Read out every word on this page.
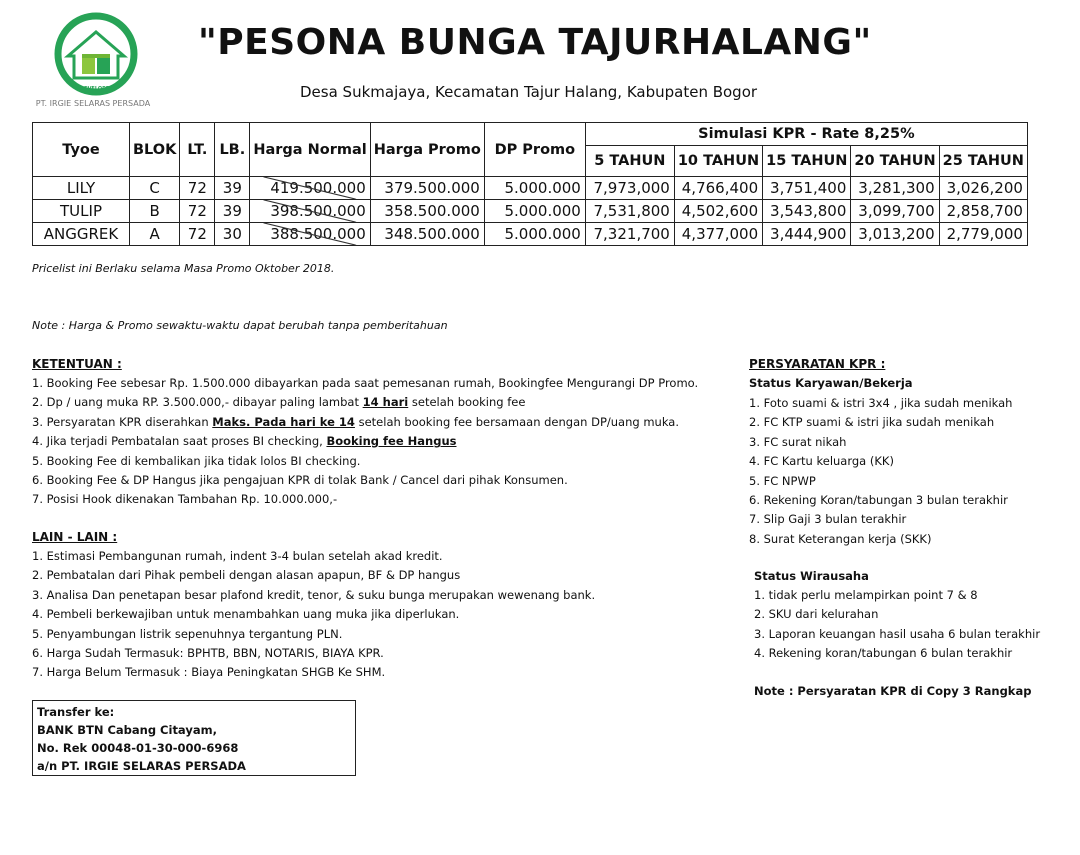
PT. IRGIE SELARAS PERSADA
DEVELOPER
"PESONA BUNGA TAJURHALANG"
Desa Sukmajaya, Kecamatan Tajur Halang, Kabupaten Bogor
Tyoe	BLOK	LT.	LB.	Harga Normal	Harga Promo	DP Promo	Simulasi KPR - Rate 8,25%				
							5 TAHUN	10 TAHUN	15 TAHUN	20 TAHUN	25 TAHUN
LILY	C	72	39	419.500.000	379.500.000	5.000.000	7,973,000	4,766,400	3,751,400	3,281,300	3,026,200
TULIP	B	72	39	398.500.000	358.500.000	5.000.000	7,531,800	4,502,600	3,543,800	3,099,700	2,858,700
ANGGREK	A	72	30	388.500.000	348.500.000	5.000.000	7,321,700	4,377,000	3,444,900	3,013,200	2,779,000
Pricelist ini Berlaku selama Masa Promo Oktober 2018.
Note : Harga & Promo sewaktu-waktu dapat berubah tanpa pemberitahuan
KETENTUAN :
1. Booking Fee sebesar Rp. 1.500.000 dibayarkan pada saat pemesanan rumah, Bookingfee Mengurangi DP Promo.
2. Dp / uang muka RP. 3.500.000,- dibayar paling lambat 14 hari setelah booking fee
3. Persyaratan KPR diserahkan Maks. Pada hari ke 14 setelah booking fee bersamaan dengan DP/uang muka.
4. Jika terjadi Pembatalan saat proses BI checking, Booking fee Hangus
5. Booking Fee di kembalikan jika tidak lolos BI checking.
6. Booking Fee & DP Hangus jika pengajuan KPR di tolak Bank / Cancel dari pihak Konsumen.
7. Posisi Hook dikenakan Tambahan Rp. 10.000.000,-
LAIN - LAIN :
1. Estimasi Pembangunan rumah, indent 3-4 bulan setelah akad kredit.
2. Pembatalan dari Pihak pembeli dengan alasan apapun, BF & DP hangus
3. Analisa Dan penetapan besar plafond kredit, tenor, & suku bunga merupakan wewenang bank.
4. Pembeli berkewajiban untuk menambahkan uang muka jika diperlukan.
5. Penyambungan listrik sepenuhnya tergantung PLN.
6. Harga Sudah Termasuk: BPHTB, BBN, NOTARIS, BIAYA KPR.
7. Harga Belum Termasuk : Biaya Peningkatan SHGB Ke SHM.
Transfer ke:
BANK BTN Cabang Citayam,
No. Rek 00048-01-30-000-6968
a/n PT. IRGIE SELARAS PERSADA
PERSYARATAN KPR :
Status Karyawan/Bekerja
1. Foto suami & istri 3x4 , jika sudah menikah
2. FC KTP suami & istri jika sudah menikah
3. FC surat nikah
4. FC Kartu keluarga (KK)
5. FC NPWP
6. Rekening Koran/tabungan 3 bulan terakhir
7. Slip Gaji 3 bulan terakhir
8. Surat Keterangan kerja (SKK)
Status Wirausaha
1. tidak perlu melampirkan point 7 & 8
2. SKU dari kelurahan
3. Laporan keuangan hasil usaha 6 bulan terakhir
4. Rekening koran/tabungan 6 bulan terakhir
Note : Persyaratan KPR di Copy 3 Rangkap
